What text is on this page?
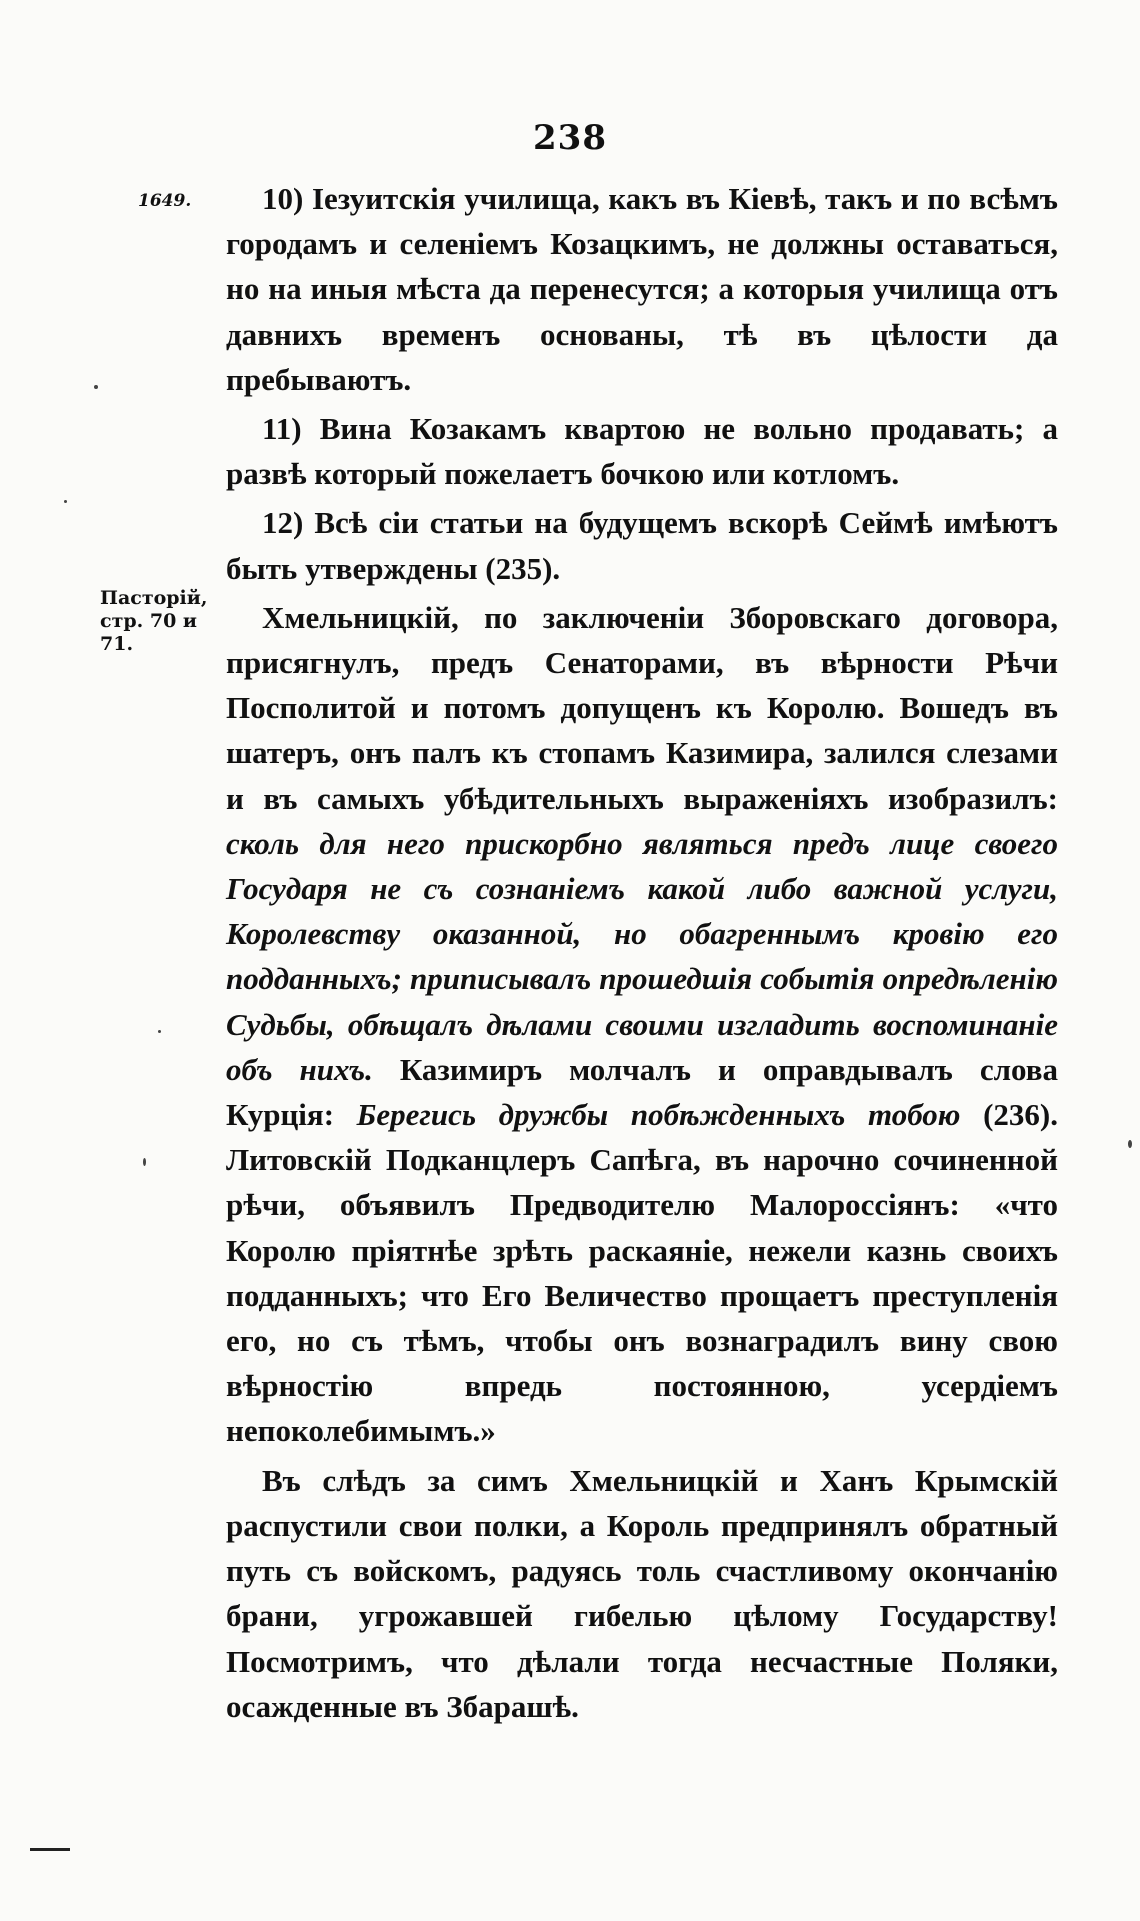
238
1649.
Пасторій,
стр. 70 и
71.

10) Іезуитскія училища, какъ въ Кіевѣ, такъ и по всѣмъ городамъ и селеніемъ Козацкимъ, не должны оставаться, но на иныя мѣста да перенесутся; а которыя училища отъ давнихъ временъ основаны, тѣ въ цѣлости да пребываютъ.

11) Вина Козакамъ квартою не вольно продавать; а развѣ который пожелаетъ бочкою или котломъ.

12) Всѣ сіи статьи на будущемъ вскорѣ Сеймѣ имѣютъ быть утверждены (235).

Хмельницкій, по заключеніи Зборовскаго договора, присягнулъ, предъ Сенаторами, въ вѣрности Рѣчи Посполитой и потомъ допущенъ къ Королю. Вошедъ въ шатеръ, онъ палъ къ стопамъ Казимира, залился слезами и въ самыхъ убѣдительныхъ выраженіяхъ изобразилъ: сколь для него прискорбно являться предъ лице своего Государя не съ сознаніемъ какой либо важной услуги, Королевству оказанной, но обагреннымъ кровію его подданныхъ; приписывалъ прошедшія событія опредѣленію Судьбы, обѣщалъ дѣлами своими изгладить воспоминаніе объ нихъ. Казимиръ молчалъ и оправдывалъ слова Курція: Берегись дружбы побѣжденныхъ тобою (236). Литовскій Подканцлеръ Сапѣга, въ нарочно сочиненной рѣчи, объявилъ Предводителю Малороссіянъ: «что Королю пріятнѣе зрѣть раскаяніе, нежели казнь своихъ подданныхъ; что Его Величество прощаетъ преступленія его, но съ тѣмъ, чтобы онъ вознаградилъ вину свою вѣрностію впредь постоянною, усердіемъ непоколебимымъ.»

Въ слѣдъ за симъ Хмельницкій и Ханъ Крымскій распустили свои полки, а Король предпринялъ обратный путь съ войскомъ, радуясь толь счастливому окончанію брани, угрожавшей гибелью цѣлому Государству! Посмотримъ, что дѣлали тогда несчастные Поляки, осажденные въ Збарашѣ.
